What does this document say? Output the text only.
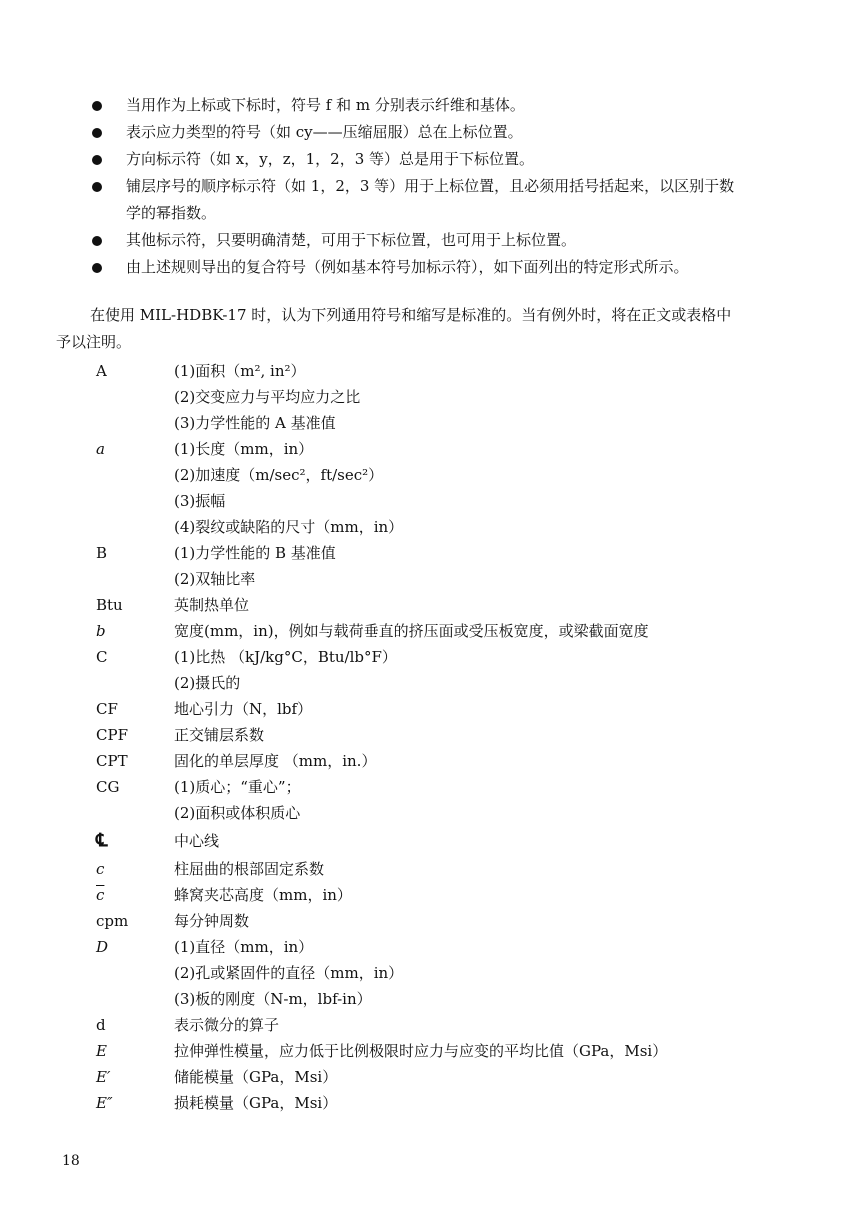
当用作为上标或下标时，符号 f 和 m 分别表示纤维和基体。
表示应力类型的符号（如 cy——压缩屈服）总在上标位置。
方向标示符（如 x，y，z，1，2，3 等）总是用于下标位置。
铺层序号的顺序标示符（如 1，2，3 等）用于上标位置，且必须用括号括起来，以区别于数学的幂指数。
其他标示符，只要明确清楚，可用于下标位置，也可用于上标位置。
由上述规则导出的复合符号（例如基本符号加标示符），如下面列出的特定形式所示。
在使用 MIL-HDBK-17 时，认为下列通用符号和缩写是标准的。当有例外时，将在正文或表格中予以注明。
A	(1)面积（m², in²）
(2)交变应力与平均应力之比
(3)力学性能的 A 基准值
a	(1)长度（mm，in）
(2)加速度（m/sec²，ft/sec²）
(3)振幅
(4)裂纹或缺陷的尺寸（mm，in）
B	(1)力学性能的 B 基准值
(2)双轴比率
Btu	英制热单位
b	宽度(mm，in)，例如与载荷垂直的挤压面或受压板宽度，或梁截面宽度
C	(1)比热 （kJ/kg°C，Btu/lb°F）
(2)摄氏的
CF	地心引力（N，lbf）
CPF	正交铺层系数
CPT	固化的单层厚度 （mm，in.）
CG	(1)质心；“重心”；
(2)面积或体积质心
℄	中心线
c	柱屈曲的根部固定系数
$\overline{c}$	蜂窝夹芯高度（mm，in）
cpm	每分钟周数
D	(1)直径（mm，in）
(2)孔或紧固件的直径（mm，in）
(3)板的刚度（N-m，lbf-in）
d	表示微分的算子
E	拉伸弹性模量，应力低于比例极限时应力与应变的平均比值（GPa，Msi）
E′	储能模量（GPa，Msi）
E″	损耗模量（GPa，Msi）
18
